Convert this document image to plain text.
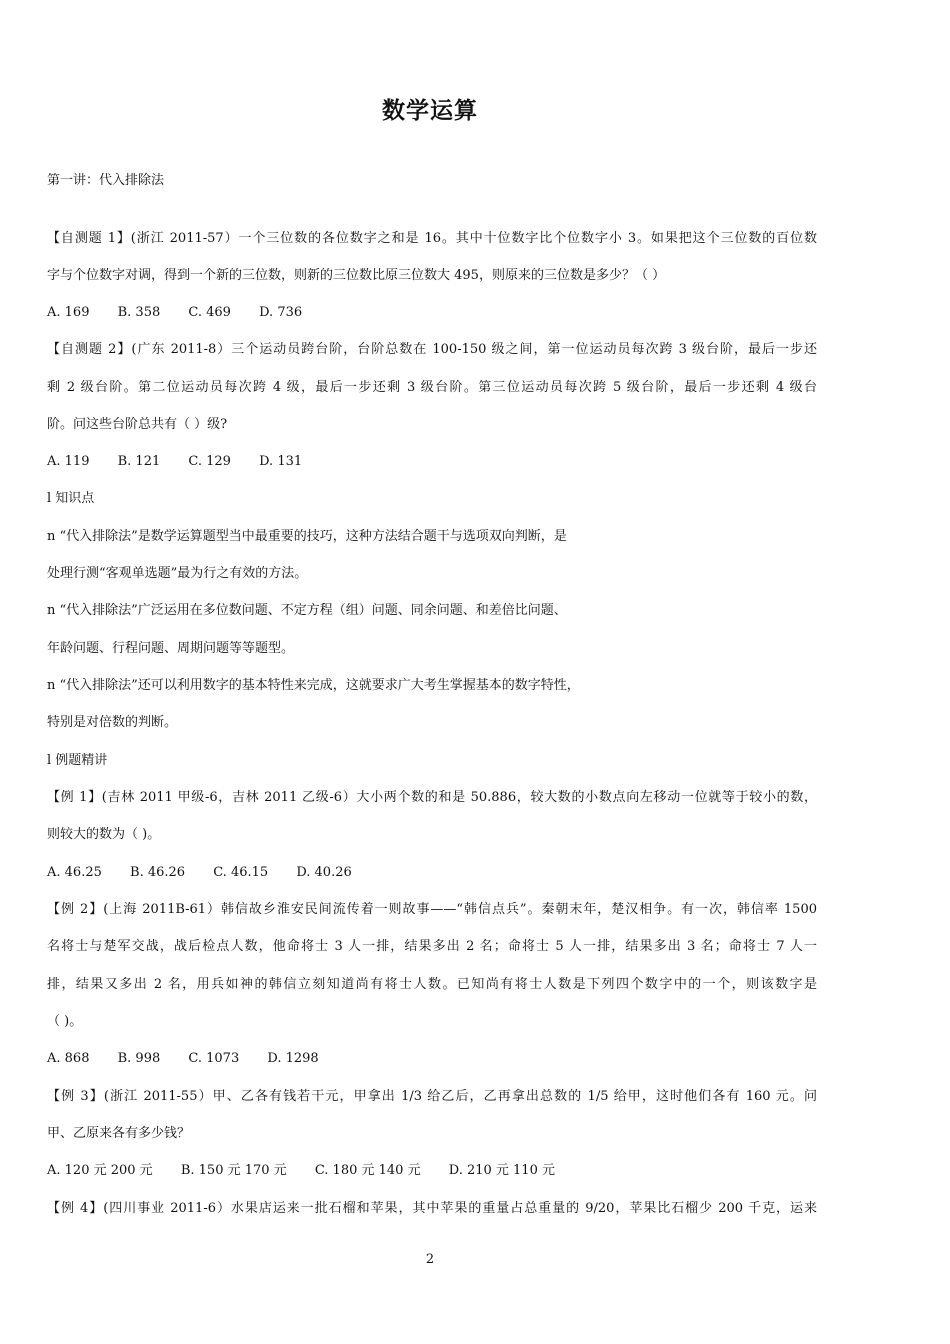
数学运算
第一讲：代入排除法
【自测题 1】(浙江 2011-57）一个三位数的各位数字之和是 16。其中十位数字比个位数字小 3。如果把这个三位数的百位数
字与个位数字对调，得到一个新的三位数，则新的三位数比原三位数大 495，则原来的三位数是多少？（ ）
A. 169 B. 358 C. 469 D. 736
【自测题 2】(广东 2011-8）三个运动员跨台阶，台阶总数在 100-150 级之间，第一位运动员每次跨 3 级台阶，最后一步还
剩 2 级台阶。第二位运动员每次跨 4 级，最后一步还剩 3 级台阶。第三位运动员每次跨 5 级台阶，最后一步还剩 4 级台
阶。问这些台阶总共有（ ）级?
A. 119 B. 121 C. 129 D. 131
l 知识点
n “代入排除法”是数学运算题型当中最重要的技巧，这种方法结合题干与选项双向判断，是
处理行测“客观单选题”最为行之有效的方法。
n “代入排除法”广泛运用在多位数问题、不定方程（组）问题、同余问题、和差倍比问题、
年龄问题、行程问题、周期问题等等题型。
n “代入排除法”还可以利用数字的基本特性来完成，这就要求广大考生掌握基本的数字特性，
特别是对倍数的判断。
l 例题精讲
【例 1】(吉林 2011 甲级-6，吉林 2011 乙级-6）大小两个数的和是 50.886，较大数的小数点向左移动一位就等于较小的数，
则较大的数为（ )。
A. 46.25 B. 46.26 C. 46.15 D. 40.26
【例 2】(上海 2011B-61）韩信故乡淮安民间流传着一则故事——“韩信点兵”。秦朝末年，楚汉相争。有一次，韩信率 1500
名将士与楚军交战，战后检点人数，他命将士 3 人一排，结果多出 2 名；命将士 5 人一排，结果多出 3 名；命将士 7 人一
排，结果又多出 2 名，用兵如神的韩信立刻知道尚有将士人数。已知尚有将士人数是下列四个数字中的一个，则该数字是
（ )。
A. 868 B. 998 C. 1073 D. 1298
【例 3】(浙江 2011-55）甲、乙各有钱若干元，甲拿出 1/3 给乙后，乙再拿出总数的 1/5 给甲，这时他们各有 160 元。问
甲、乙原来各有多少钱？
A. 120 元 200 元 B. 150 元 170 元 C. 180 元 140 元 D. 210 元 110 元
【例 4】(四川事业 2011-6）水果店运来一批石榴和苹果，其中苹果的重量占总重量的 9/20，苹果比石榴少 200 千克，运来
2
